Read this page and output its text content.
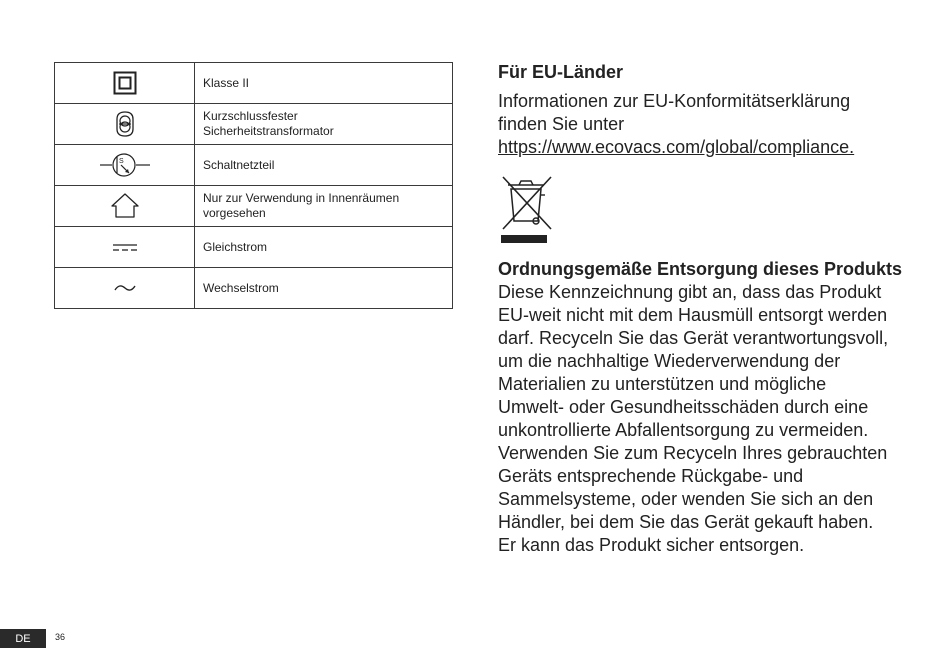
	Klasse II

Kurzschlussfester
Sicherheitstransformator

S	Schaltnetzteil

Nur zur Verwendung in Innenräumen
vorgesehen

	Gleichstrom

	Wechselstrom
Für EU-Länder

Informationen zur EU-Konformitätserklärung
finden Sie unter
https://www.ecovacs.com/global/compliance.

Ordnungsgemäße Entsorgung dieses Produkts

Diese Kennzeichnung gibt an, dass das Produkt
EU-weit nicht mit dem Hausmüll entsorgt werden
darf. Recyceln Sie das Gerät verantwortungsvoll,
um die nachhaltige Wiederverwendung der
Materialien zu unterstützen und mögliche
Umwelt- oder Gesundheitsschäden durch eine
unkontrollierte Abfallentsorgung zu vermeiden.
Verwenden Sie zum Recyceln Ihres gebrauchten
Geräts entsprechende Rückgabe- und
Sammelsysteme, oder wenden Sie sich an den
Händler, bei dem Sie das Gerät gekauft haben.
Er kann das Produkt sicher entsorgen.

DE	36
